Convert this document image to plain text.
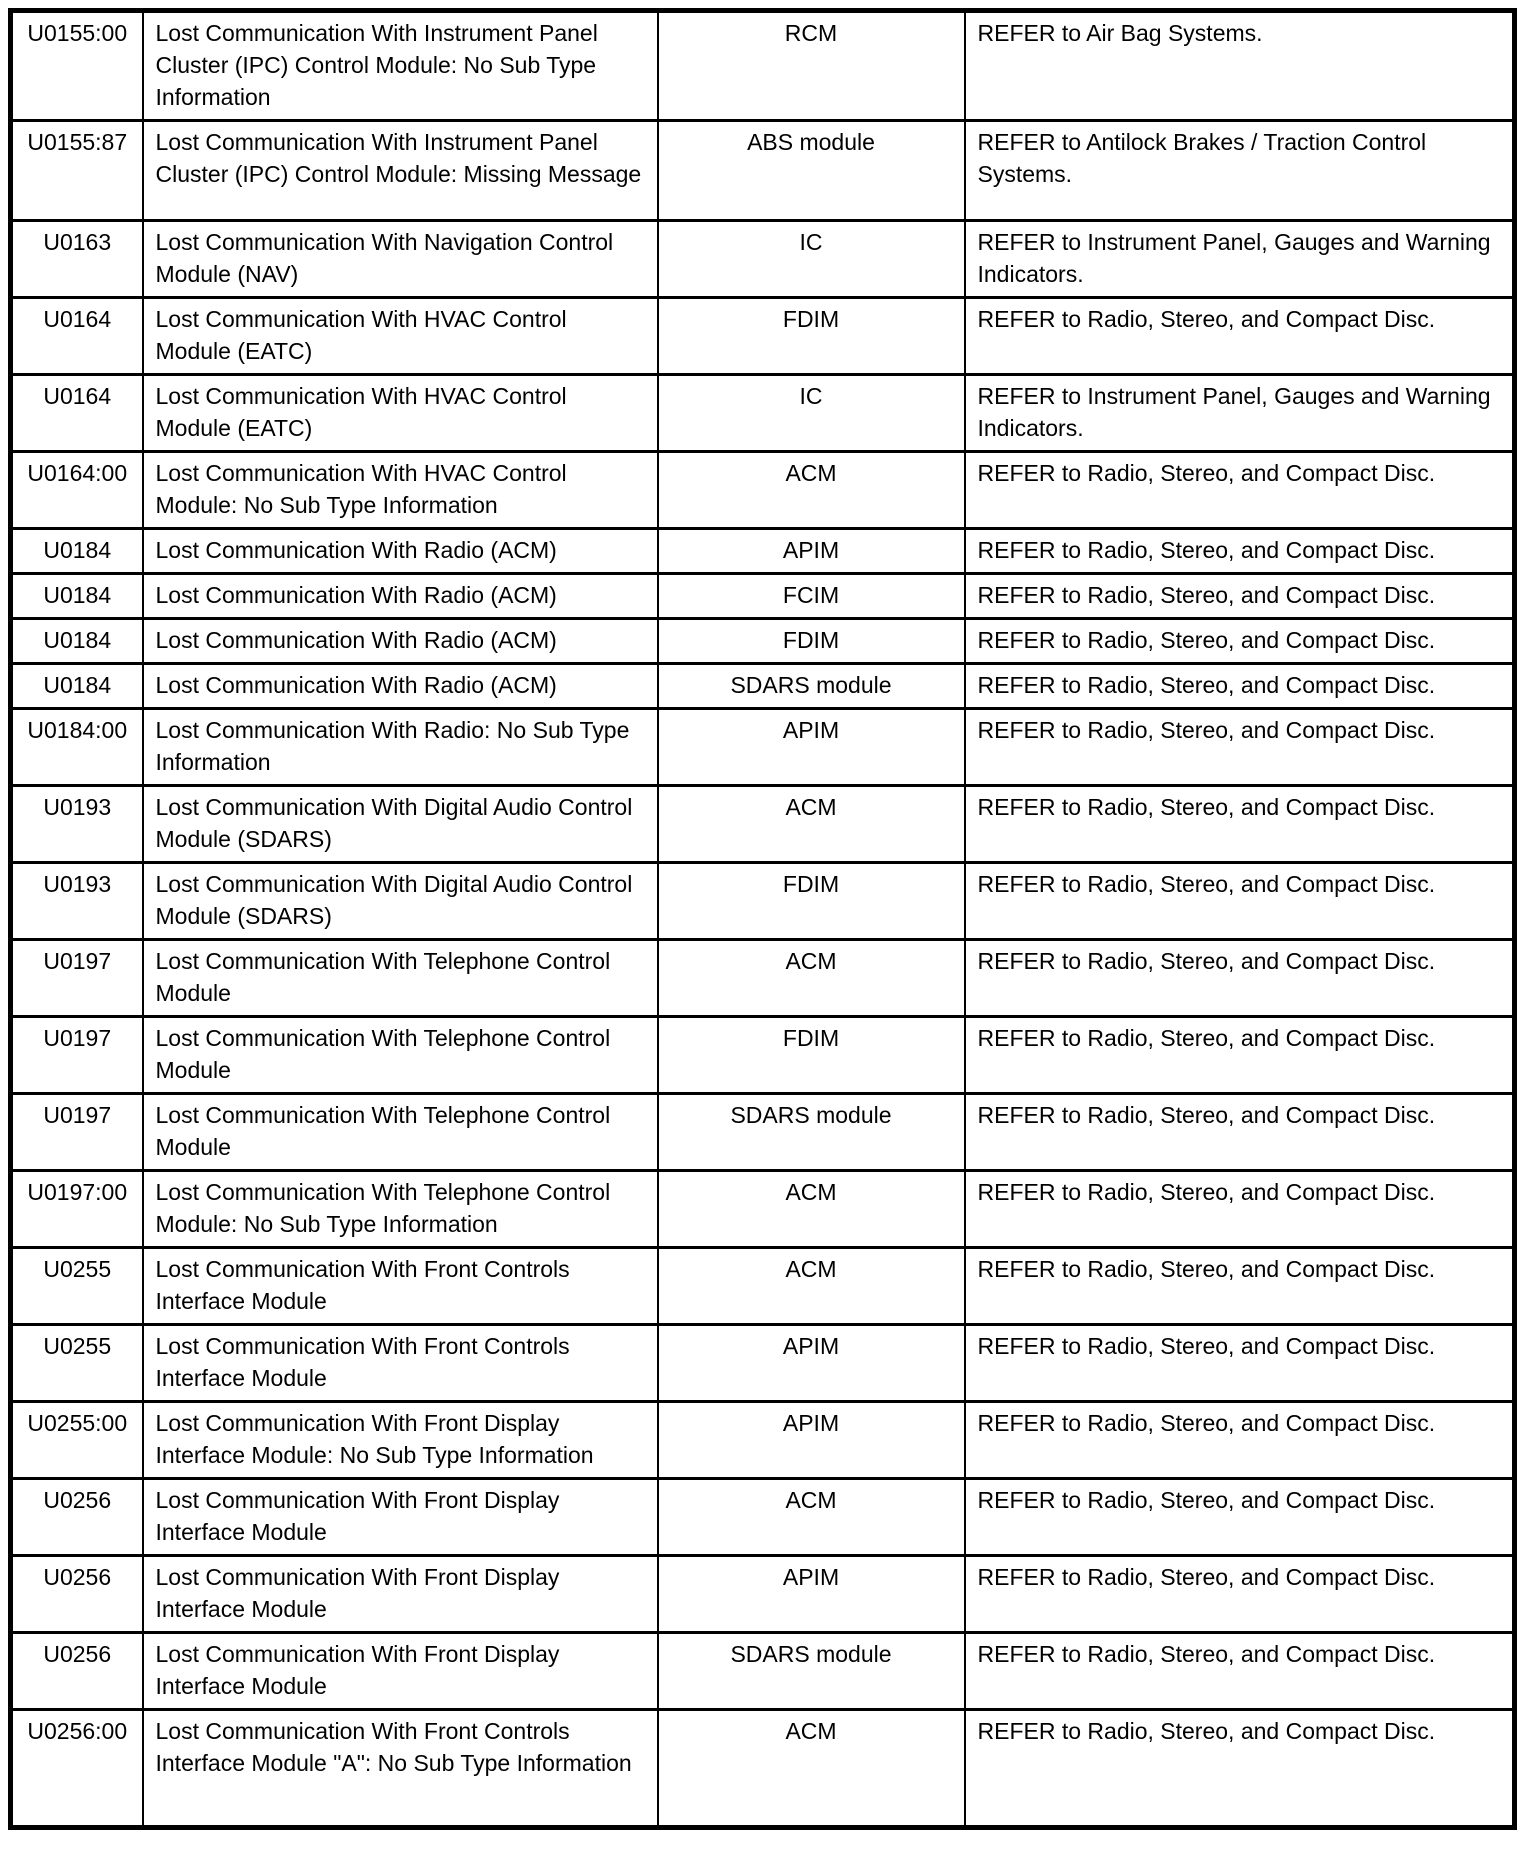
U0155:00	Lost Communication With Instrument Panel Cluster (IPC) Control Module: No Sub Type Information	RCM	REFER to Air Bag Systems.
U0155:87	Lost Communication With Instrument Panel Cluster (IPC) Control Module: Missing Message	ABS module	REFER to Antilock Brakes / Traction Control Systems.
U0163	Lost Communication With Navigation Control Module (NAV)	IC	REFER to Instrument Panel, Gauges and Warning Indicators.
U0164	Lost Communication With HVAC Control Module (EATC)	FDIM	REFER to Radio, Stereo, and Compact Disc.
U0164	Lost Communication With HVAC Control Module (EATC)	IC	REFER to Instrument Panel, Gauges and Warning Indicators.
U0164:00	Lost Communication With HVAC Control Module: No Sub Type Information	ACM	REFER to Radio, Stereo, and Compact Disc.
U0184	Lost Communication With Radio (ACM)	APIM	REFER to Radio, Stereo, and Compact Disc.
U0184	Lost Communication With Radio (ACM)	FCIM	REFER to Radio, Stereo, and Compact Disc.
U0184	Lost Communication With Radio (ACM)	FDIM	REFER to Radio, Stereo, and Compact Disc.
U0184	Lost Communication With Radio (ACM)	SDARS module	REFER to Radio, Stereo, and Compact Disc.
U0184:00	Lost Communication With Radio: No Sub Type Information	APIM	REFER to Radio, Stereo, and Compact Disc.
U0193	Lost Communication With Digital Audio Control Module (SDARS)	ACM	REFER to Radio, Stereo, and Compact Disc.
U0193	Lost Communication With Digital Audio Control Module (SDARS)	FDIM	REFER to Radio, Stereo, and Compact Disc.
U0197	Lost Communication With Telephone Control Module	ACM	REFER to Radio, Stereo, and Compact Disc.
U0197	Lost Communication With Telephone Control Module	FDIM	REFER to Radio, Stereo, and Compact Disc.
U0197	Lost Communication With Telephone Control Module	SDARS module	REFER to Radio, Stereo, and Compact Disc.
U0197:00	Lost Communication With Telephone Control Module: No Sub Type Information	ACM	REFER to Radio, Stereo, and Compact Disc.
U0255	Lost Communication With Front Controls Interface Module	ACM	REFER to Radio, Stereo, and Compact Disc.
U0255	Lost Communication With Front Controls Interface Module	APIM	REFER to Radio, Stereo, and Compact Disc.
U0255:00	Lost Communication With Front Display Interface Module: No Sub Type Information	APIM	REFER to Radio, Stereo, and Compact Disc.
U0256	Lost Communication With Front Display Interface Module	ACM	REFER to Radio, Stereo, and Compact Disc.
U0256	Lost Communication With Front Display Interface Module	APIM	REFER to Radio, Stereo, and Compact Disc.
U0256	Lost Communication With Front Display Interface Module	SDARS module	REFER to Radio, Stereo, and Compact Disc.
U0256:00	Lost Communication With Front Controls Interface Module "A": No Sub Type Information	ACM	REFER to Radio, Stereo, and Compact Disc.
